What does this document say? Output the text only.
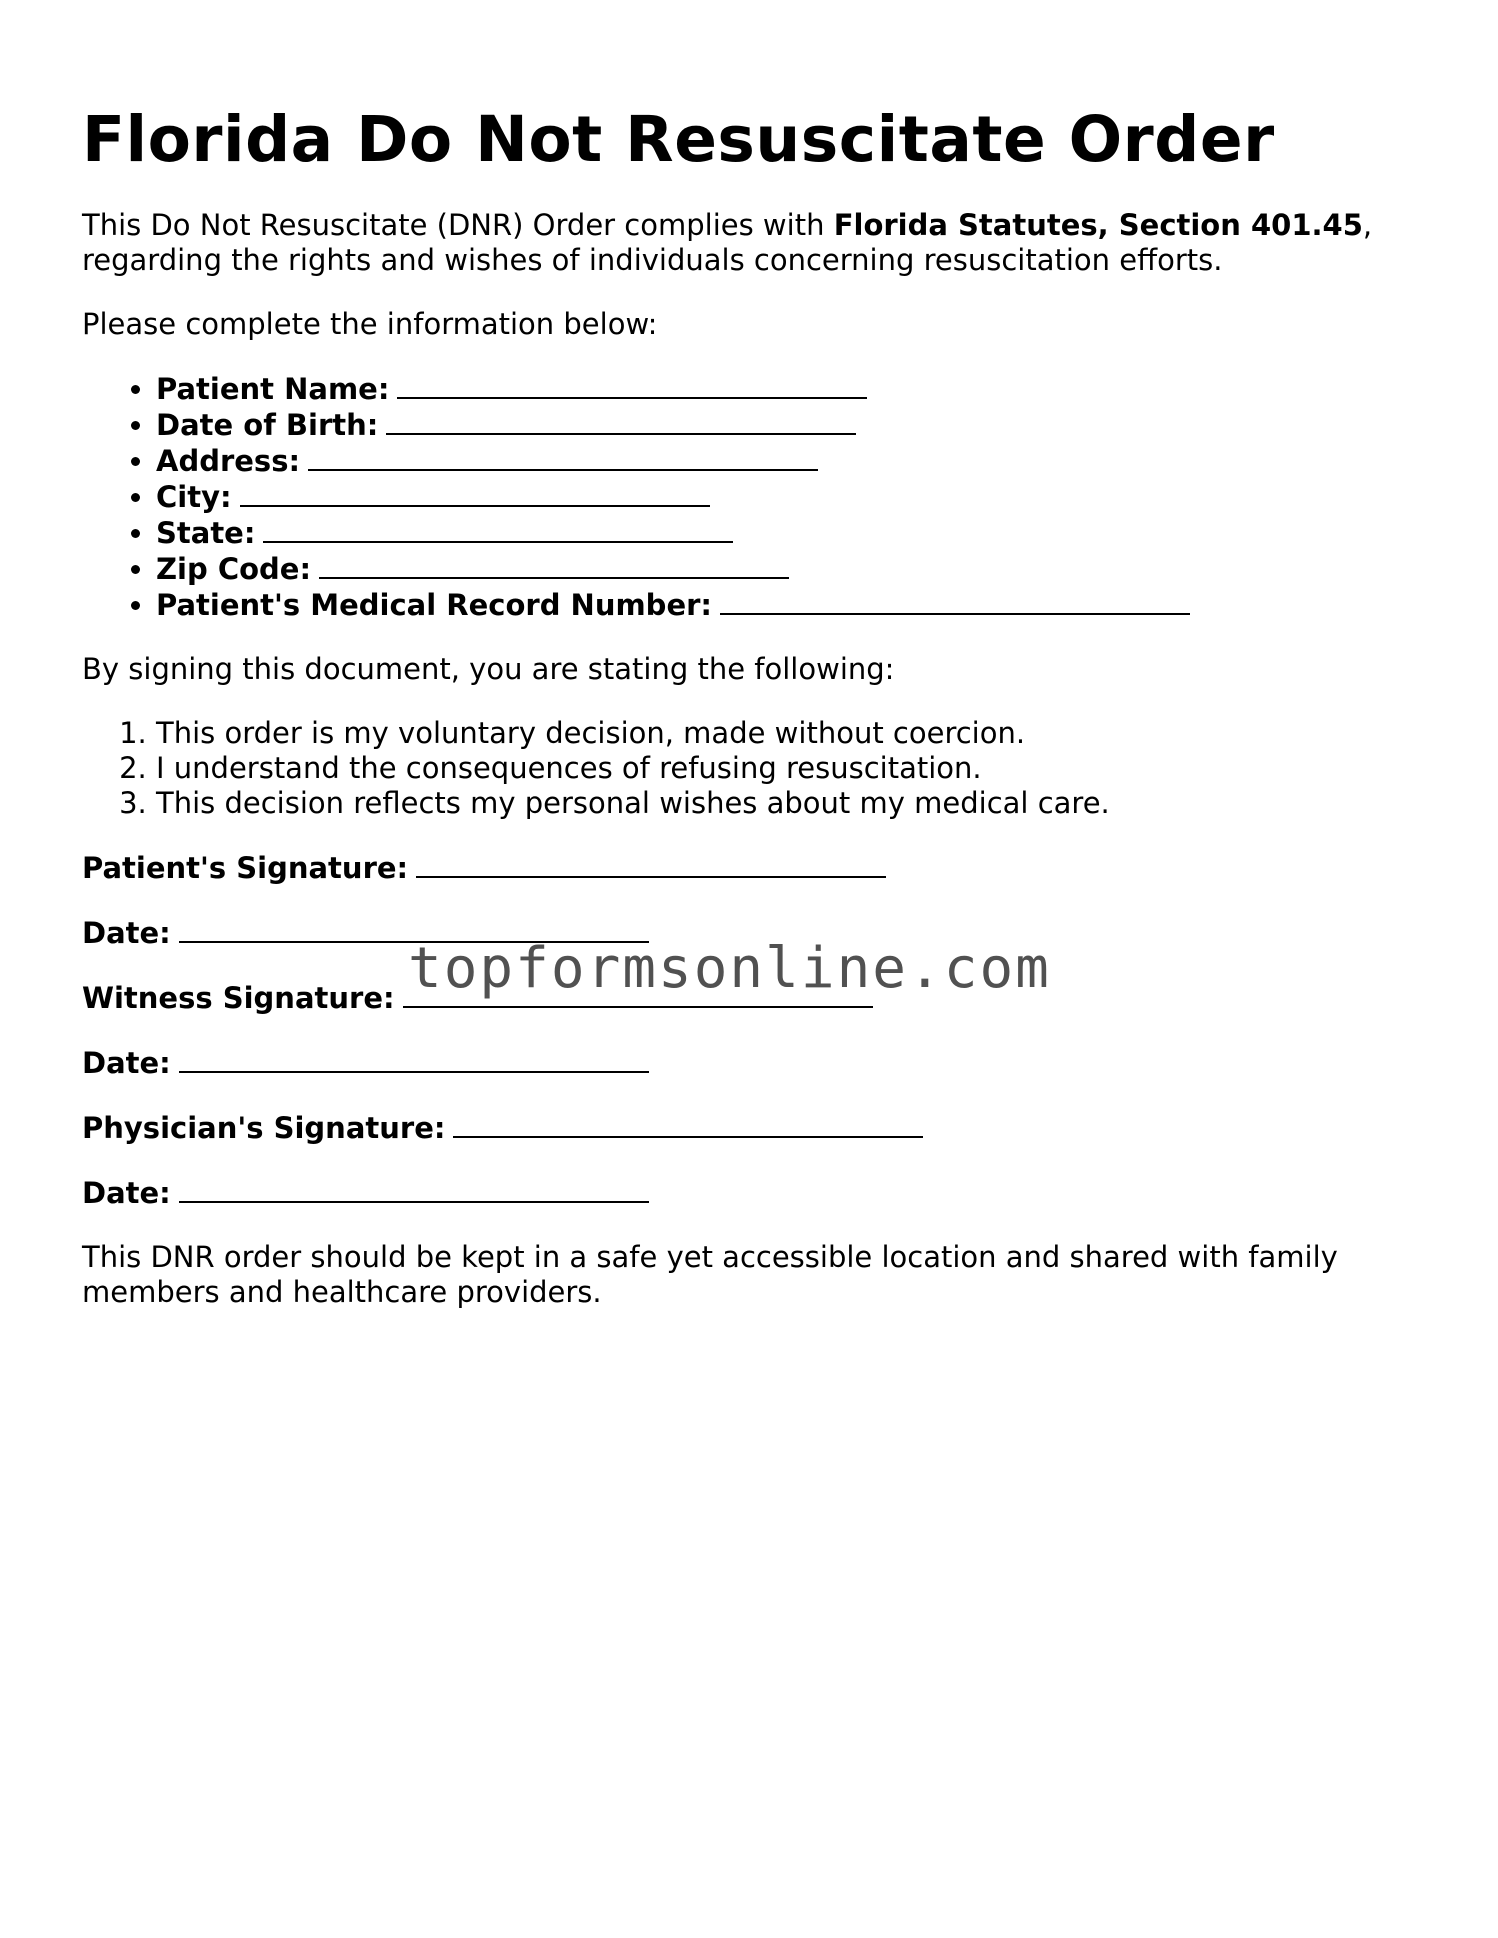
Florida Do Not Resuscitate Order

This Do Not Resuscitate (DNR) Order complies with Florida Statutes, Section 401.45, regarding the rights and wishes of individuals concerning resuscitation efforts.

Please complete the information below:

• Patient Name:
• Date of Birth:
• Address:
• City:
• State:
• Zip Code:
• Patient's Medical Record Number:

By signing this document, you are stating the following:

1. This order is my voluntary decision, made without coercion.
2. I understand the consequences of refusing resuscitation.
3. This decision reflects my personal wishes about my medical care.

Patient's Signature:

Date:

Witness Signature:

Date:

Physician's Signature:

Date:

This DNR order should be kept in a safe yet accessible location and shared with family members and healthcare providers.

topformsonline.com
